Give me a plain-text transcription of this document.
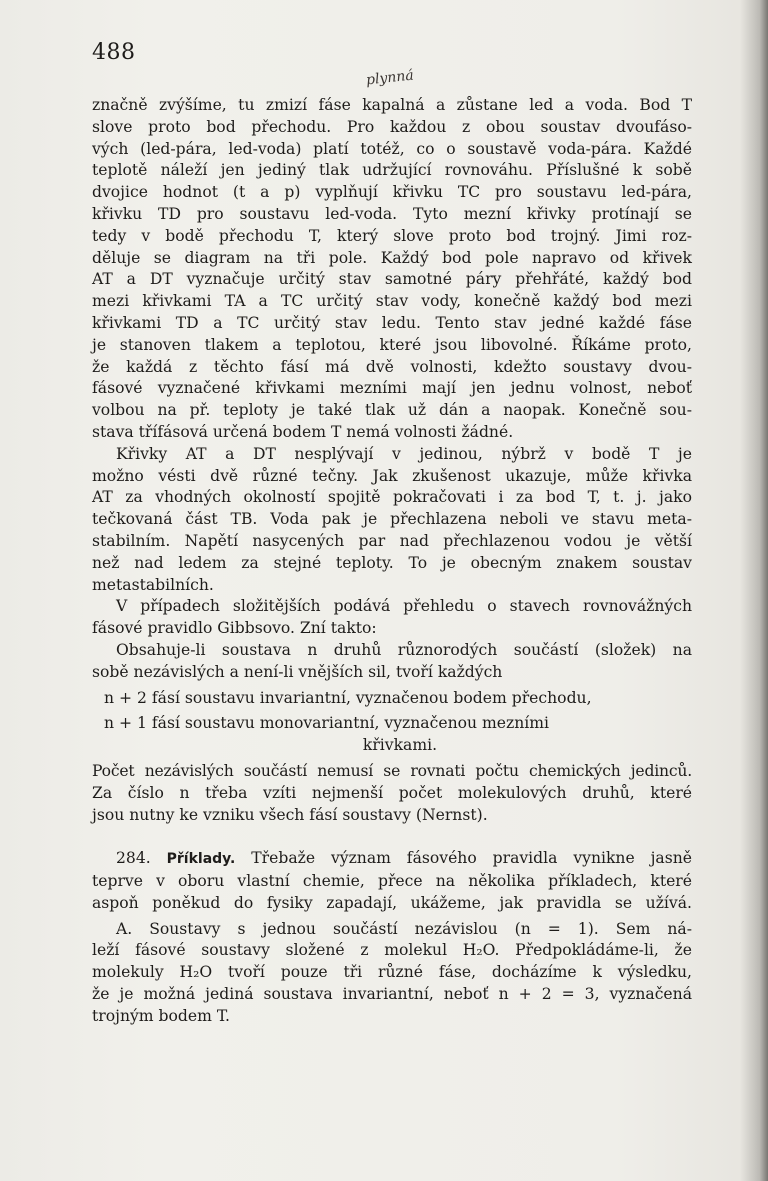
488
plynná
značně zvýšíme, tu zmizí fáse kapalná a zůstane led a voda. Bod T
slove proto bod přechodu. Pro každou z obou soustav dvoufáso-
vých (led-pára, led-voda) platí totéž, co o soustavě voda-pára. Každé
teplotě náleží jen jediný tlak udržující rovnováhu. Příslušné k sobě
dvojice hodnot (t a p) vyplňují křivku TC pro soustavu led-pára,
křivku TD pro soustavu led-voda. Tyto mezní křivky protínají se
tedy v bodě přechodu T, který slove proto bod trojný. Jimi roz-
děluje se diagram na tři pole. Každý bod pole napravo od křivek
AT a DT vyznačuje určitý stav samotné páry přehřáté, každý bod
mezi křivkami TA a TC určitý stav vody, konečně každý bod mezi
křivkami TD a TC určitý stav ledu. Tento stav jedné každé fáse
je stanoven tlakem a teplotou, které jsou libovolné. Říkáme proto,
že každá z těchto fásí má dvě volnosti, kdežto soustavy dvou-
fásové vyznačené křivkami mezními mají jen jednu volnost, neboť
volbou na př. teploty je také tlak už dán a naopak. Konečně sou-
stava třífásová určená bodem T nemá volnosti žádné.
Křivky AT a DT nesplývají v jedinou, nýbrž v bodě T je
možno vésti dvě různé tečny. Jak zkušenost ukazuje, může křivka
AT za vhodných okolností spojitě pokračovati i za bod T, t. j. jako
tečkovaná část TB. Voda pak je přechlazena neboli ve stavu meta-
stabilním. Napětí nasycených par nad přechlazenou vodou je větší
než nad ledem za stejné teploty. To je obecným znakem soustav
metastabilních.
V případech složitějších podává přehledu o stavech rovnovážných
fásové pravidlo Gibbsovo. Zní takto:
Obsahuje-li soustava n druhů různorodých součástí (složek) na
sobě nezávislých a není-li vnějších sil, tvoří každých
n + 2 fásí soustavu invariantní, vyznačenou bodem přechodu,
n + 1 fásí soustavu monovariantní, vyznačenou mezními
křivkami.
Počet nezávislých součástí nemusí se rovnati počtu chemických jedinců.
Za číslo n třeba vzíti nejmenší počet molekulových druhů, které
jsou nutny ke vzniku všech fásí soustavy (Nernst).
284. Příklady. Třebaže význam fásového pravidla vynikne jasně
teprve v oboru vlastní chemie, přece na několika příkladech, které
aspoň poněkud do fysiky zapadají, ukážeme, jak pravidla se užívá.
A. Soustavy s jednou součástí nezávislou (n = 1). Sem ná-
leží fásové soustavy složené z molekul H₂O. Předpokládáme-li, že
molekuly H₂O tvoří pouze tři různé fáse, docházíme k výsledku,
že je možná jediná soustava invariantní, neboť n + 2 = 3, vyznačená
trojným bodem T.
